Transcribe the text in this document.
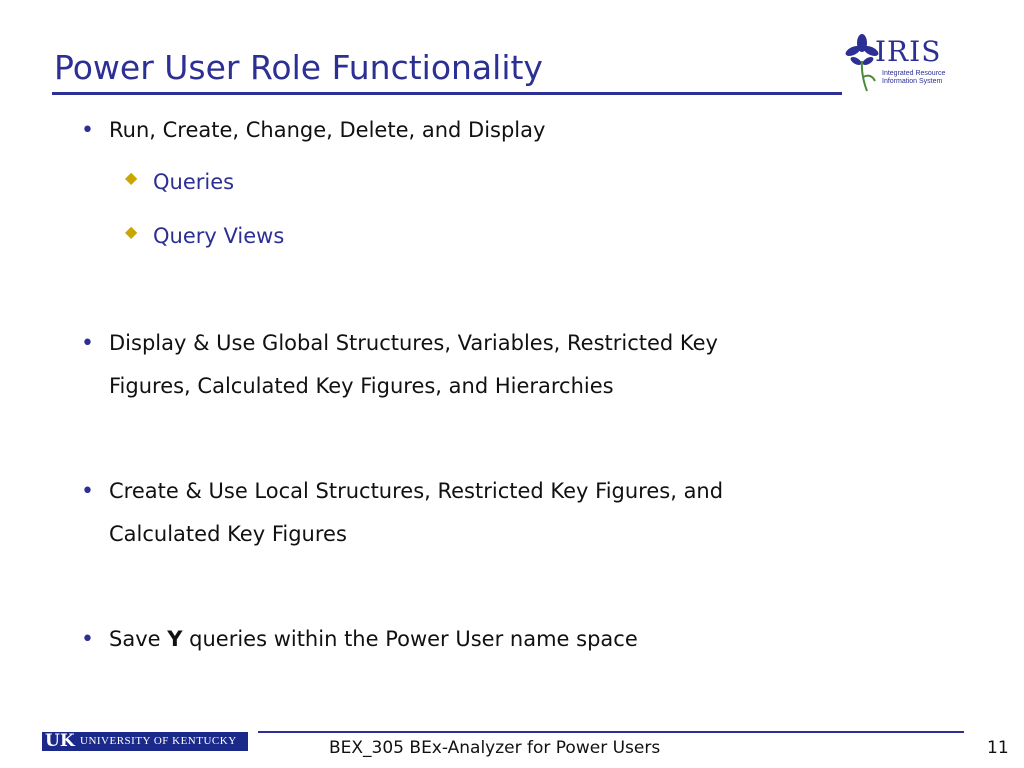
Power User Role Functionality	IRIS
Integrated Resource
Information System
• Run, Create, Change, Delete, and Display
◆ Queries
◆ Query Views
• Display & Use Global Structures, Variables, Restricted Key
Figures, Calculated Key Figures, and Hierarchies
• Create & Use Local Structures, Restricted Key Figures, and
Calculated Key Figures
• Save Y queries within the Power User name space
UK UNIVERSITY OF KENTUCKY	BEX_305 BEx-Analyzer for Power Users	11
